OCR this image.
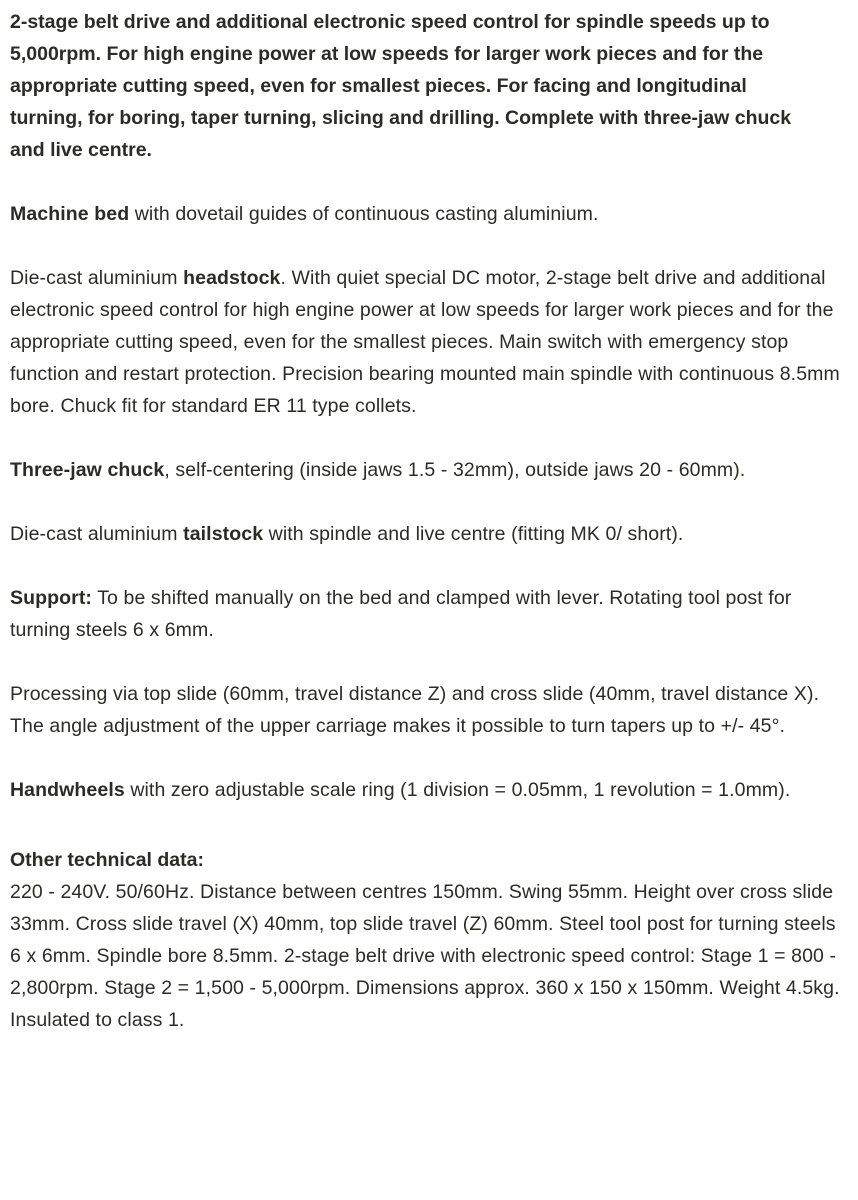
2-stage belt drive and additional electronic speed control for spindle speeds up to 5,000rpm. For high engine power at low speeds for larger work pieces and for the appropriate cutting speed, even for smallest pieces. For facing and longitudinal turning, for boring, taper turning, slicing and drilling. Complete with three-jaw chuck and live centre.

Machine bed with dovetail guides of continuous casting aluminium.

Die-cast aluminium headstock. With quiet special DC motor, 2-stage belt drive and additional electronic speed control for high engine power at low speeds for larger work pieces and for the appropriate cutting speed, even for the smallest pieces. Main switch with emergency stop function and restart protection. Precision bearing mounted main spindle with continuous 8.5mm bore. Chuck fit for standard ER 11 type collets.

Three-jaw chuck, self-centering (inside jaws 1.5 - 32mm), outside jaws 20 - 60mm).

Die-cast aluminium tailstock with spindle and live centre (fitting MK 0/ short).

Support: To be shifted manually on the bed and clamped with lever. Rotating tool post for turning steels 6 x 6mm.

Processing via top slide (60mm, travel distance Z) and cross slide (40mm, travel distance X). The angle adjustment of the upper carriage makes it possible to turn tapers up to +/- 45°.

Handwheels with zero adjustable scale ring (1 division = 0.05mm, 1 revolution = 1.0mm).

Other technical data:

220 - 240V. 50/60Hz. Distance between centres 150mm. Swing 55mm. Height over cross slide 33mm. Cross slide travel (X) 40mm, top slide travel (Z) 60mm. Steel tool post for turning steels 6 x 6mm. Spindle bore 8.5mm. 2-stage belt drive with electronic speed control: Stage 1 = 800 - 2,800rpm. Stage 2 = 1,500 - 5,000rpm. Dimensions approx. 360 x 150 x 150mm. Weight 4.5kg. Insulated to class 1.
